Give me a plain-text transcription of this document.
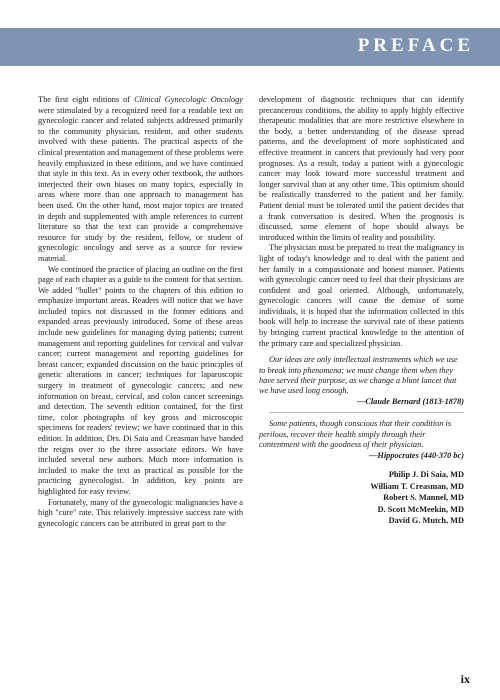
PREFACE

The first eight editions of Clinical Gynecologic Oncology were stimulated by a recognized need for a readable text on gynecologic cancer and related subjects addressed primarily to the community physician, resident, and other students involved with these patients. The practical aspects of the clinical presentation and management of these problems were heavily emphasized in these editions, and we have continued that style in this text. As in every other textbook, the authors interjected their own biases on many topics, especially in areas where more than one approach to management has been used. On the other hand, most major topics are treated in depth and supplemented with ample references to current literature so that the text can provide a comprehensive resource for study by the resident, fellow, or student of gynecologic oncology and serve as a source for review material.

We continued the practice of placing an outline on the first page of each chapter as a guide to the content for that section. We added "bullet" points to the chapters of this edition to emphasize important areas. Readers will notice that we have included topics not discussed in the former editions and expanded areas previously introduced. Some of these areas include new guidelines for managing dying patients; current management and reporting guidelines for cervical and vulvar cancer; current management and reporting guidelines for breast cancer; expanded discussion on the basic principles of genetic alterations in cancer; techniques for laparoscopic surgery in treatment of gynecologic cancers; and new information on breast, cervical, and colon cancer screenings and detection. The seventh edition contained, for the first time, color photographs of key gross and microscopic specimens for readers' review; we have continued that in this edition. In addition, Drs. Di Saia and Creasman have handed the reigns over to the three associate editors. We have included several new authors. Much more information is included to make the text as practical as possible for the practicing gynecologist. In addition, key points are highlighted for easy review.

Fortunately, many of the gynecologic malignancies have a high "cure" rate. This relatively impressive success rate with gynecologic cancers can be attributed in great part to the

development of diagnostic techniques that can identify precancerous conditions, the ability to apply highly effective therapeutic modalities that are more restrictive elsewhere in the body, a better understanding of the disease spread patterns, and the development of more sophisticated and effective treatment in cancers that previously had very poor prognoses. As a result, today a patient with a gynecologic cancer may look toward more successful treatment and longer survival than at any other time. This optimism should be realistically transferred to the patient and her family. Patient denial must be tolerated until the patient decides that a frank conversation is desired. When the prognosis is discussed, some element of hope should always be introduced within the limits of reality and possibility.

The physician must be prepared to treat the malignancy in light of today's knowledge and to deal with the patient and her family in a compassionate and honest manner. Patients with gynecologic cancer need to feel that their physicians are confident and goal oriented. Although, unfortunately, gynecologic cancers will cause the demise of some individuals, it is hoped that the information collected in this book will help to increase the survival rate of these patients by bringing current practical knowledge to the attention of the primary care and specialized physician.

Our ideas are only intellectual instruments which we use to break into phenomena; we must change them when they have served their purpose, as we change a blunt lancet that we have used long enough.

—Claude Bernard (1813-1878)

Some patients, though conscious that their condition is perilous, recover their health simply through their contentment with the goodness of their physician.

—Hippocrates (440-370 bc)

Philip J. Di Saia, MD
William T. Creasman, MD
Robert S. Mannel, MD
D. Scott McMeekin, MD
David G. Mutch, MD
ix
